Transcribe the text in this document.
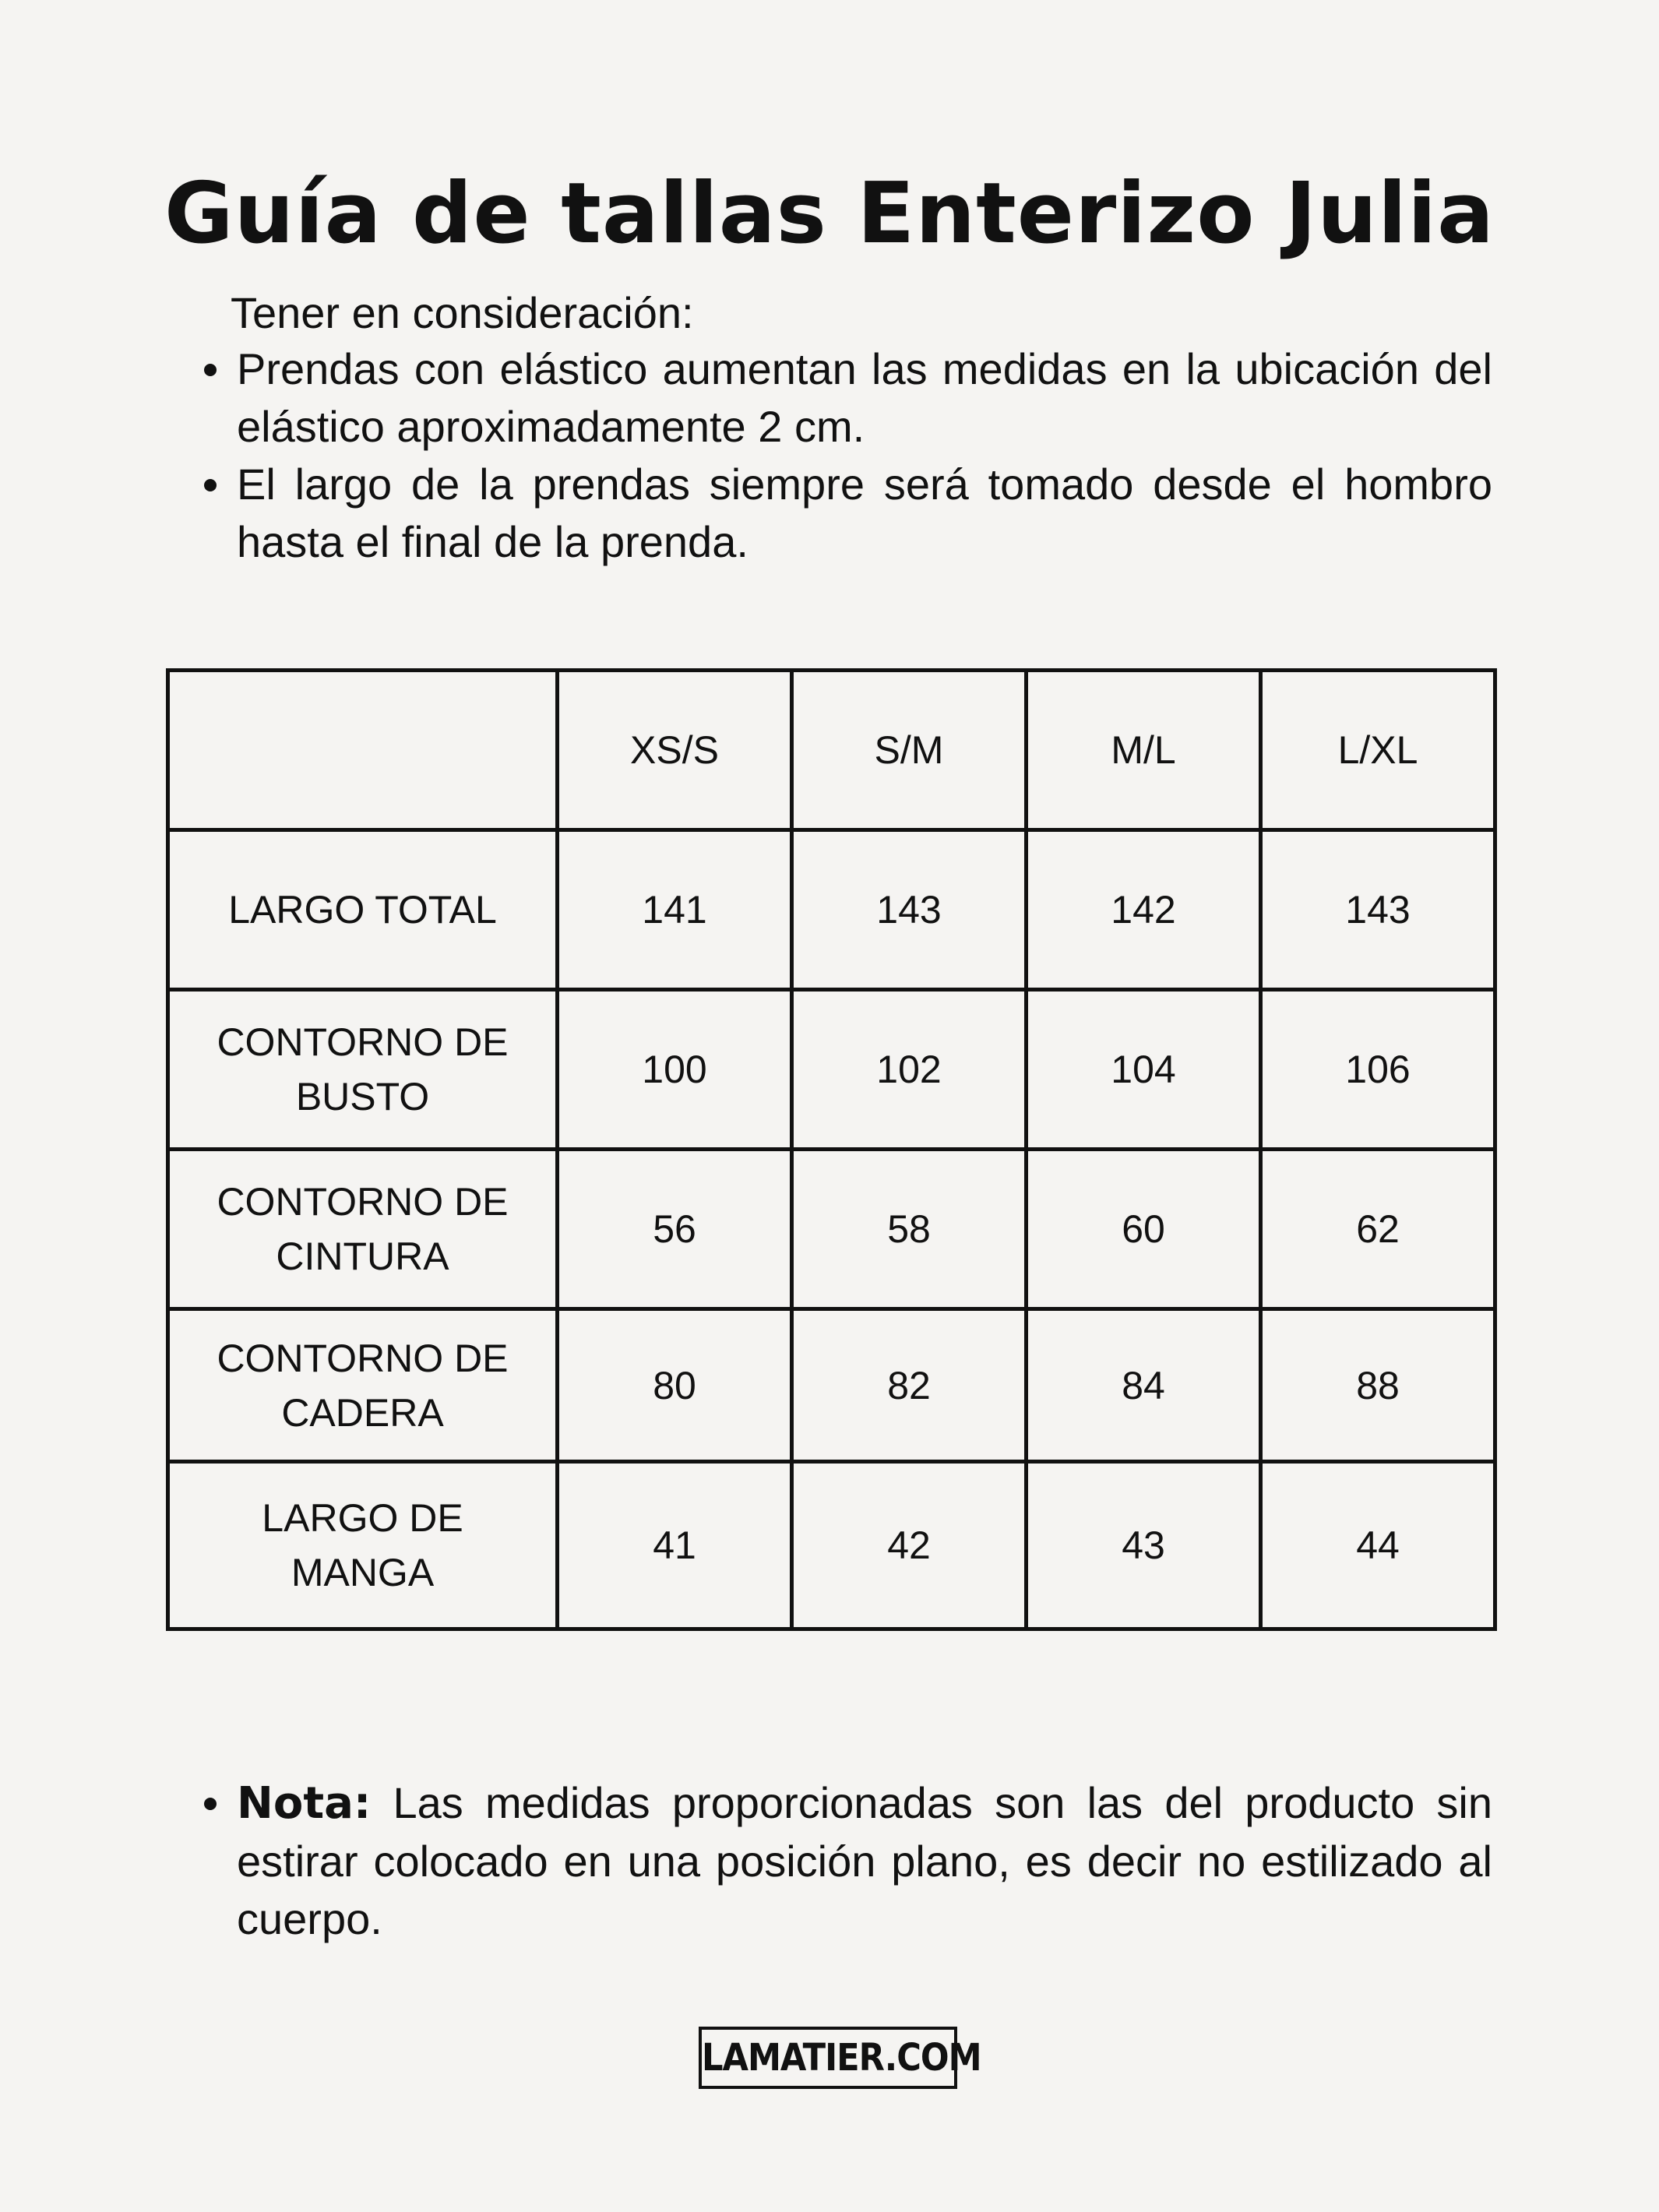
Guía de tallas Enterizo Julia
Tener en consideración:
Prendas con elástico aumentan las medidas en la ubicación del elástico aproximadamente 2 cm.
El largo de la prendas siempre será tomado desde el hombro hasta el final de la prenda.
	XS/S	S/M	M/L	L/XL
LARGO TOTAL	141	143	142	143
CONTORNO DE BUSTO	100	102	104	106
CONTORNO DE CINTURA	56	58	60	62
CONTORNO DE CADERA	80	82	84	88
LARGO DE MANGA	41	42	43	44
Nota: Las medidas proporcionadas son las del producto sin estirar colocado en una posición plano, es decir no estilizado al cuerpo.
LAMATIER.COM
